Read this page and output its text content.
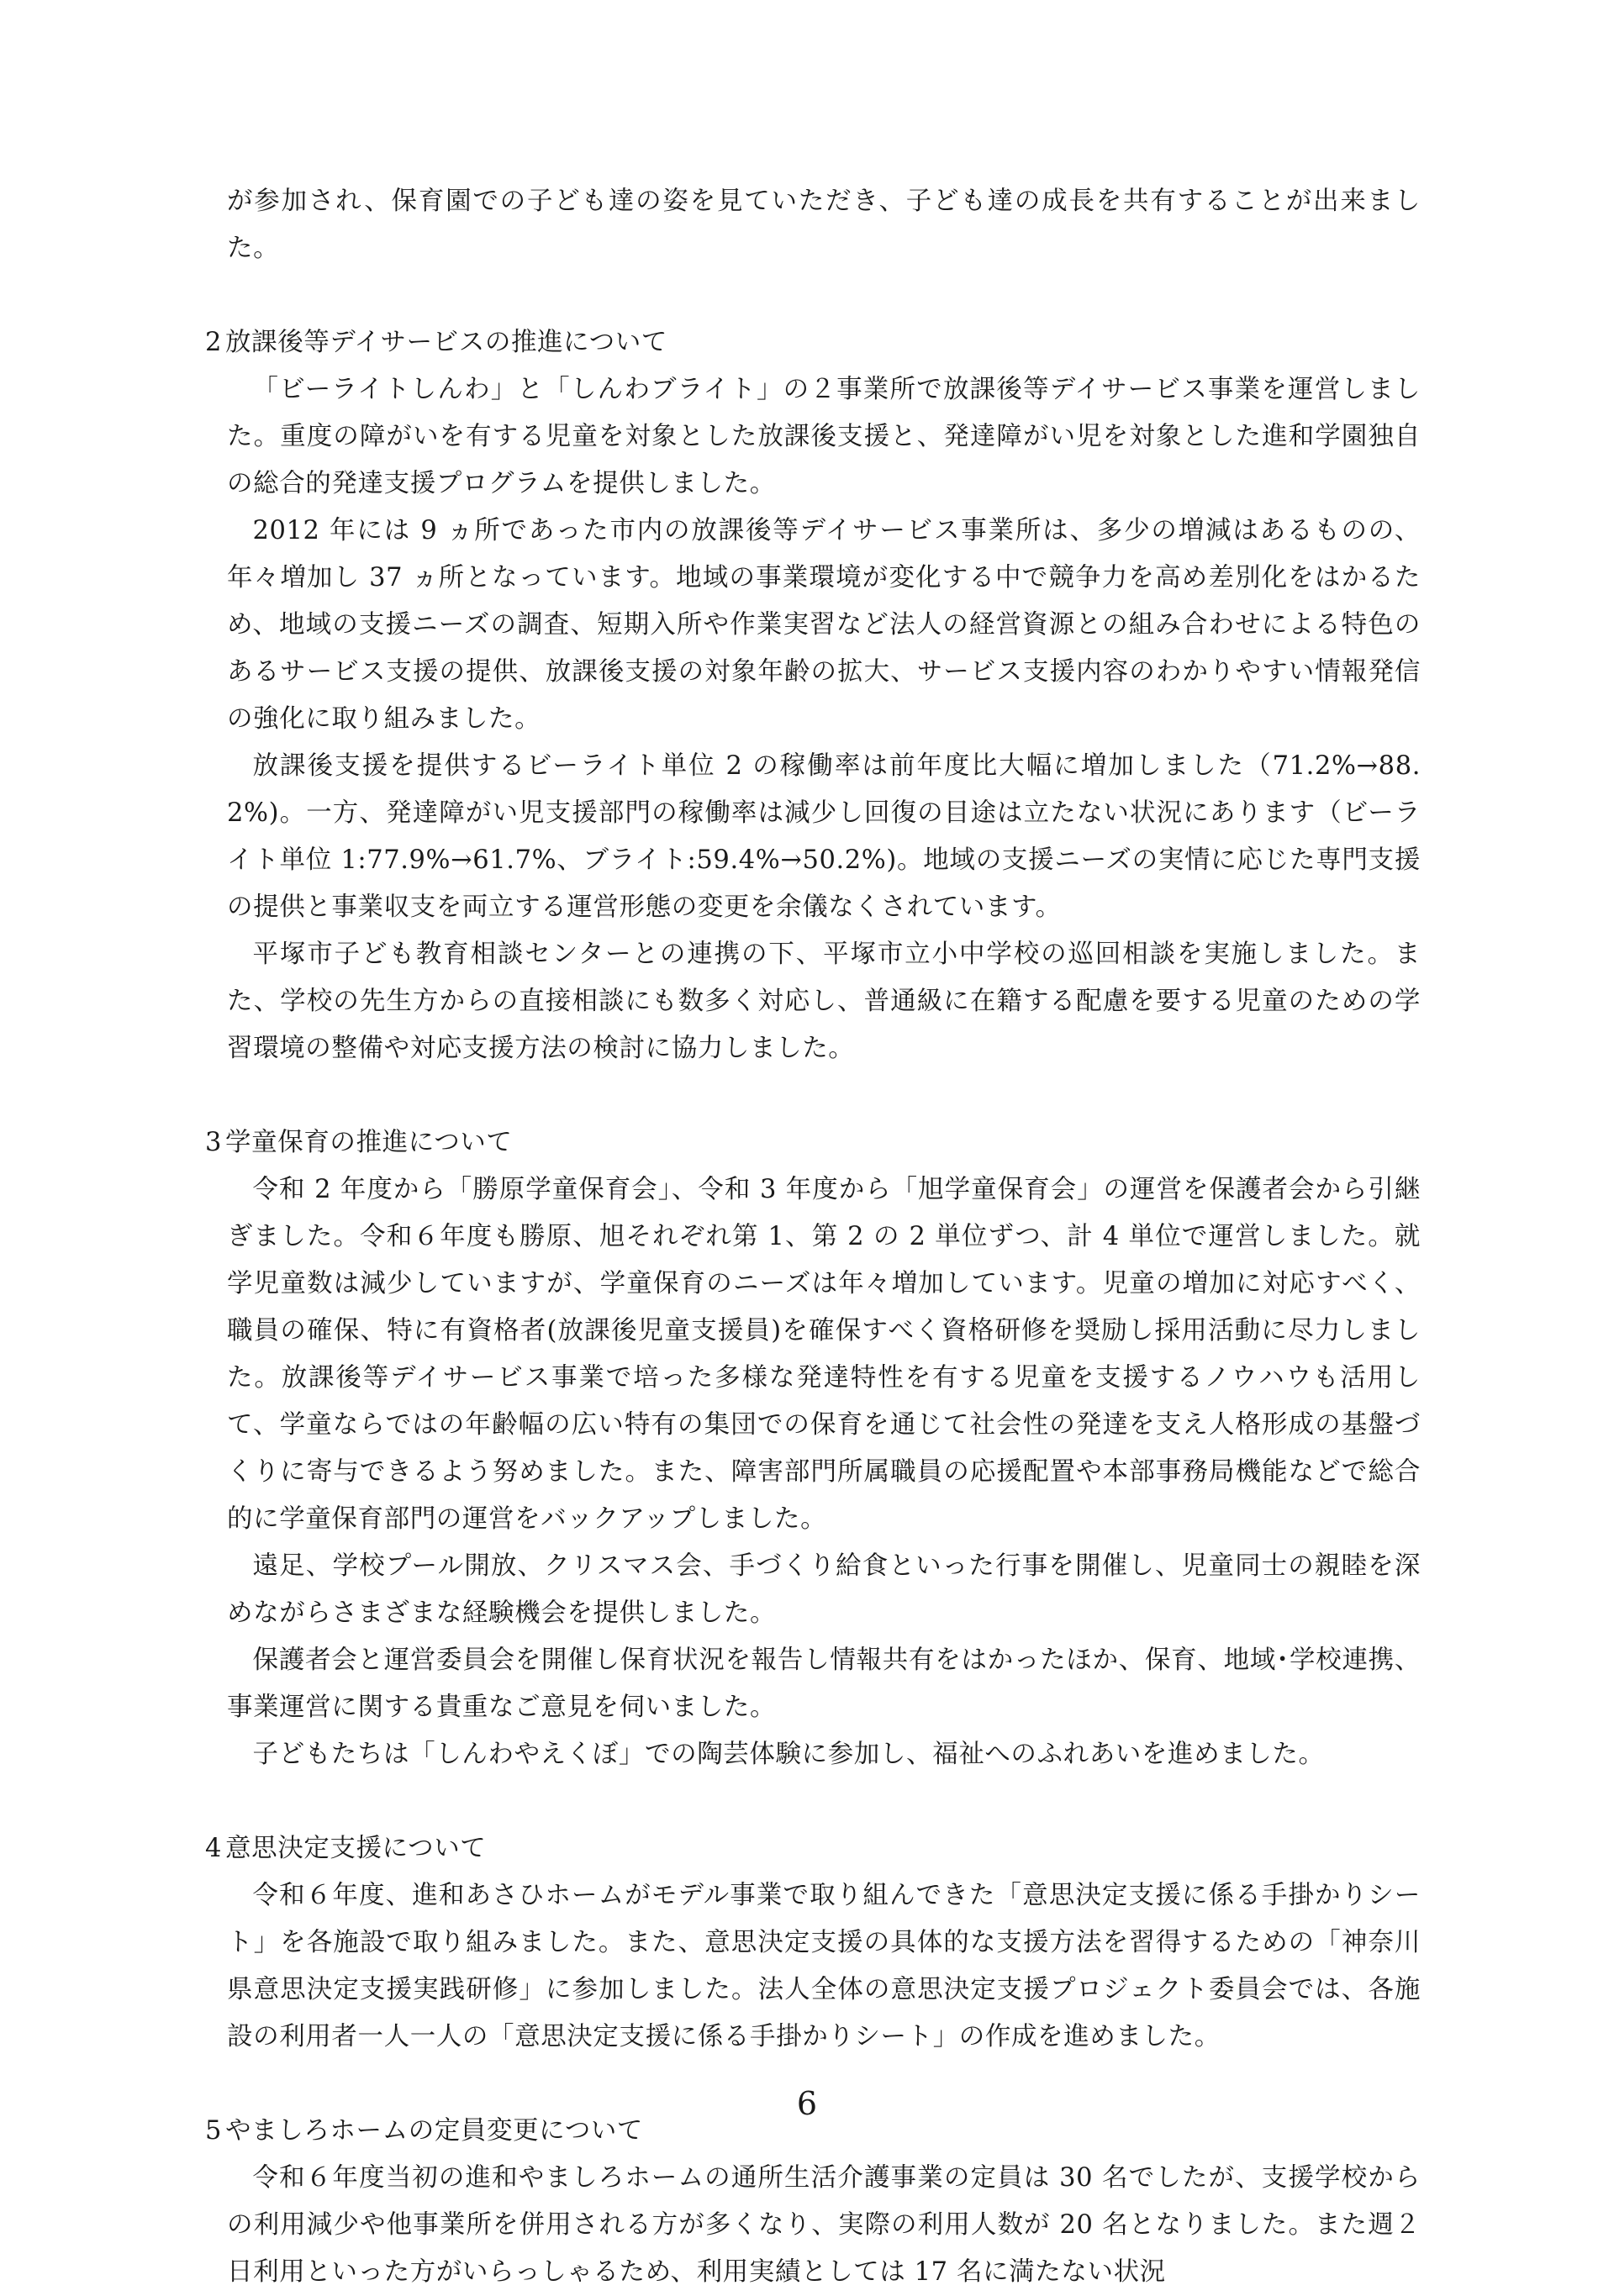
が参加され、保育園での子ども達の姿を見ていただき、子ども達の成長を共有することが出来ました。

2 放課後等デイサービスの推進について

「ビーライトしんわ」と「しんわブライト」の２事業所で放課後等デイサービス事業を運営しました。重度の障がいを有する児童を対象とした放課後支援と、発達障がい児を対象とした進和学園独自の総合的発達支援プログラムを提供しました。

2012 年には 9 ヵ所であった市内の放課後等デイサービス事業所は、多少の増減はあるものの、年々増加し 37 ヵ所となっています。地域の事業環境が変化する中で競争力を高め差別化をはかるため、地域の支援ニーズの調査、短期入所や作業実習など法人の経営資源との組み合わせによる特色のあるサービス支援の提供、放課後支援の対象年齢の拡大、サービス支援内容のわかりやすい情報発信の強化に取り組みました。

放課後支援を提供するビーライト単位 2 の稼働率は前年度比大幅に増加しました（71.2%→88.2%)。一方、発達障がい児支援部門の稼働率は減少し回復の目途は立たない状況にあります（ビーライト単位 1:77.9%→61.7%、ブライト:59.4%→50.2%)。地域の支援ニーズの実情に応じた専門支援の提供と事業収支を両立する運営形態の変更を余儀なくされています。

平塚市子ども教育相談センターとの連携の下、平塚市立小中学校の巡回相談を実施しました。また、学校の先生方からの直接相談にも数多く対応し、普通級に在籍する配慮を要する児童のための学習環境の整備や対応支援方法の検討に協力しました。

3 学童保育の推進について

令和 2 年度から「勝原学童保育会」、令和 3 年度から「旭学童保育会」の運営を保護者会から引継ぎました。令和６年度も勝原、旭それぞれ第 1、第 2 の 2 単位ずつ、計 4 単位で運営しました。就学児童数は減少していますが、学童保育のニーズは年々増加しています。児童の増加に対応すべく、職員の確保、特に有資格者(放課後児童支援員)を確保すべく資格研修を奨励し採用活動に尽力しました。放課後等デイサービス事業で培った多様な発達特性を有する児童を支援するノウハウも活用して、学童ならではの年齢幅の広い特有の集団での保育を通じて社会性の発達を支え人格形成の基盤づくりに寄与できるよう努めました。また、障害部門所属職員の応援配置や本部事務局機能などで総合的に学童保育部門の運営をバックアップしました。

遠足、学校プール開放、クリスマス会、手づくり給食といった行事を開催し、児童同士の親睦を深めながらさまざまな経験機会を提供しました。

保護者会と運営委員会を開催し保育状況を報告し情報共有をはかったほか、保育、地域･学校連携、事業運営に関する貴重なご意見を伺いました。

子どもたちは「しんわやえくぼ」での陶芸体験に参加し、福祉へのふれあいを進めました。

4 意思決定支援について

令和６年度、進和あさひホームがモデル事業で取り組んできた「意思決定支援に係る手掛かりシート」を各施設で取り組みました。また、意思決定支援の具体的な支援方法を習得するための「神奈川県意思決定支援実践研修」に参加しました。法人全体の意思決定支援プロジェクト委員会では、各施設の利用者一人一人の「意思決定支援に係る手掛かりシート」の作成を進めました。

5 やましろホームの定員変更について

令和６年度当初の進和やましろホームの通所生活介護事業の定員は 30 名でしたが、支援学校からの利用減少や他事業所を併用される方が多くなり、実際の利用人数が 20 名となりました。また週２日利用といった方がいらっしゃるため、利用実績としては 17 名に満たない状況

6
